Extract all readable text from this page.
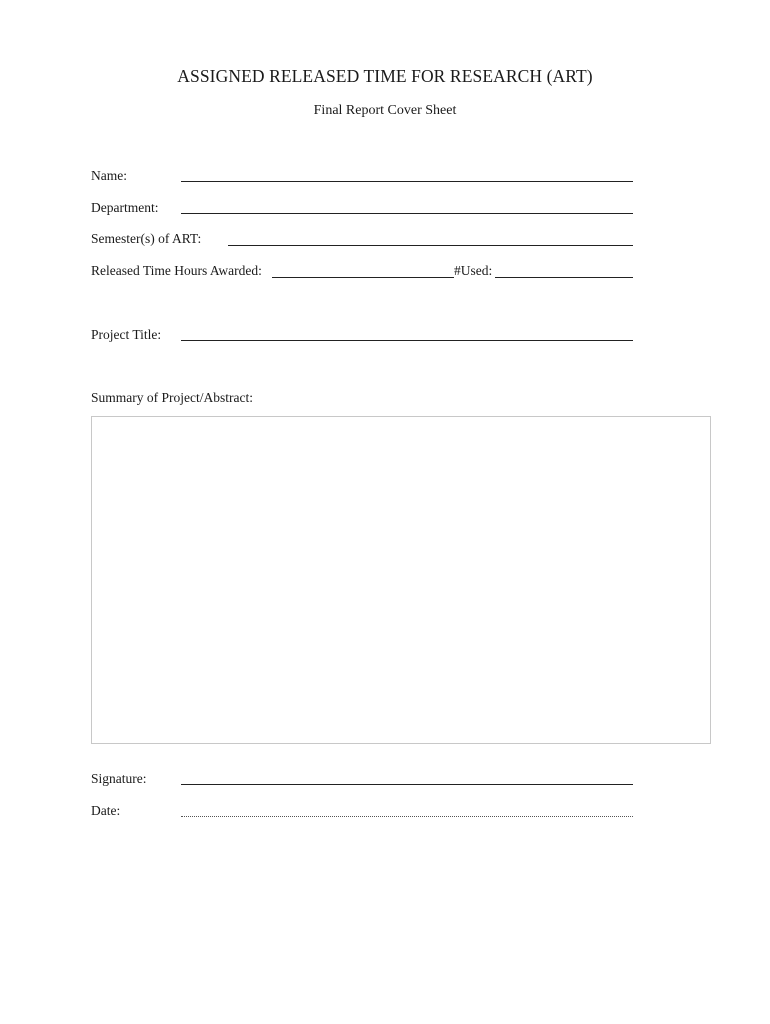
ASSIGNED RELEASED TIME FOR RESEARCH (ART)
Final Report Cover Sheet
Name:
Department:
Semester(s) of ART:
Released Time Hours Awarded:	#Used:
Project Title:
Summary of Project/Abstract:
Signature:
Date:
